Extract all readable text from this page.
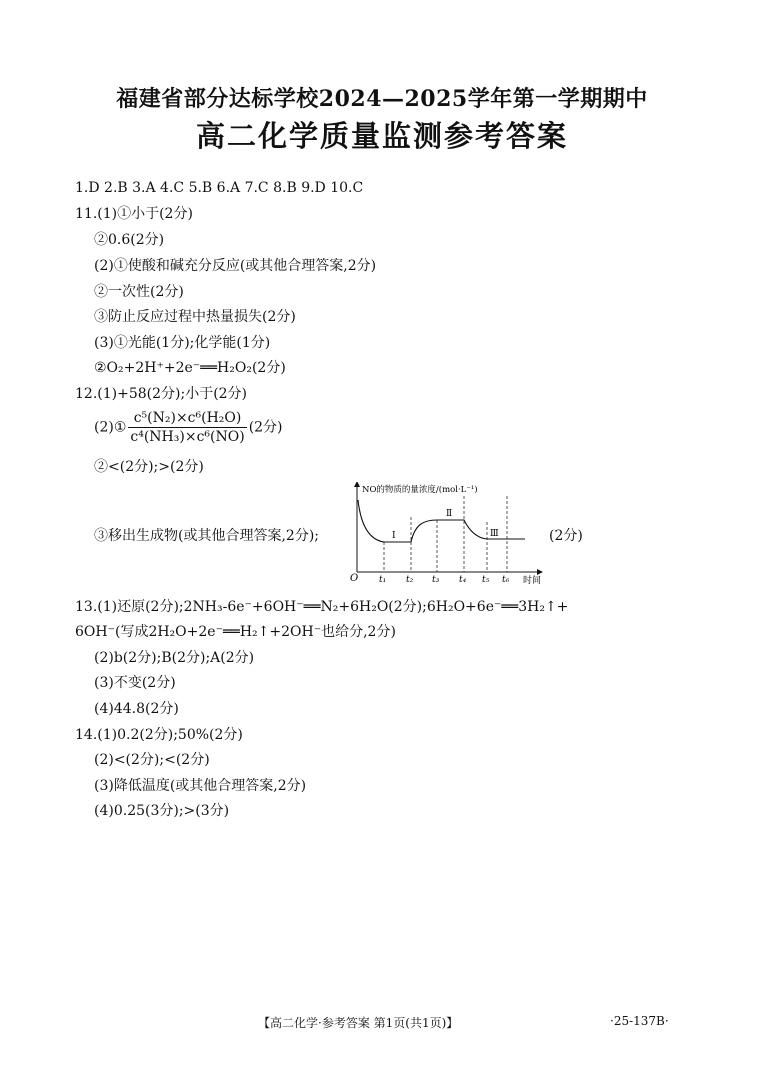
福建省部分达标学校2024—2025学年第一学期期中
高二化学质量监测参考答案
1.D 2.B 3.A 4.C 5.B 6.A 7.C 8.B 9.D 10.C
11.(1)①小于(2分)
②0.6(2分)
(2)①使酸和碱充分反应(或其他合理答案,2分)
②一次性(2分)
③防止反应过程中热量损失(2分)
(3)①光能(1分);化学能(1分)
②O₂+2H⁺+2e⁻══H₂O₂(2分)
12.(1)+58(2分);小于(2分)
(2)① $\frac{\text{c⁵(N₂)×c⁶(H₂O)}}{\text{c⁴(NH₃)×c⁶(NO)}} (2$分)
②<(2分);>(2分)
③移出生成物(或其他合理答案,2分);	(2分)
NO的物质的量浓度/(mol·L⁻¹)
时间
O t₁ t₂ t₃ t₄ t₅ t₆
Ⅰ
Ⅱ
Ⅲ
13.(1)还原(2分);2NH₃-6e⁻+6OH⁻══N₂+6H₂O(2分);6H₂O+6e⁻══3H₂↑+
6OH⁻(写成2H₂O+2e⁻══H₂↑+2OH⁻也给分,2分)
(2)b(2分);B(2分);A(2分)
(3)不变(2分)
(4)44.8(2分)
14.(1)0.2(2分);50%(2分)
(2)<(2分);<(2分)
(3)降低温度(或其他合理答案,2分)
(4)0.25(3分);>(3分)
【高二化学·参考答案 第1页(共1页)】	·25-137B·
